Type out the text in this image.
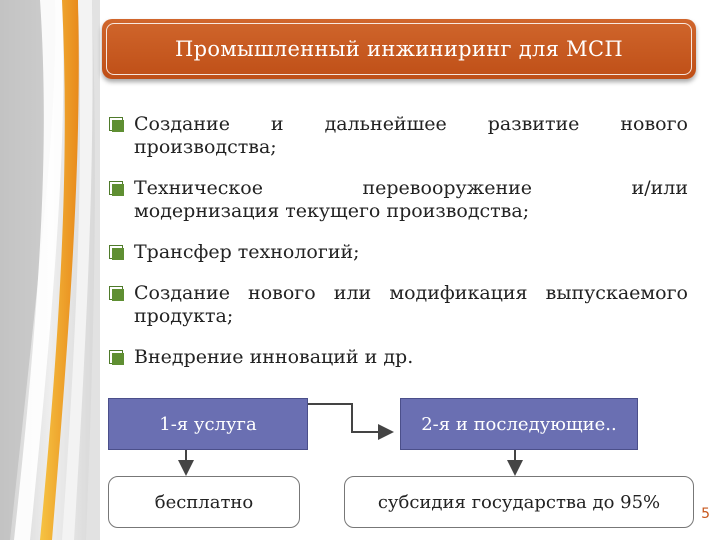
Промышленный инжиниринг для МСП
Создание и дальнейшее развитие нового
производства;
Техническое перевооружение и/или
модернизация текущего производства;
Трансфер технологий;
Создание нового или модификация выпускаемого
продукта;
Внедрение инноваций и др.
1-я услуга	2-я и последующие..
бесплатно	субсидия государства до 95%
5
